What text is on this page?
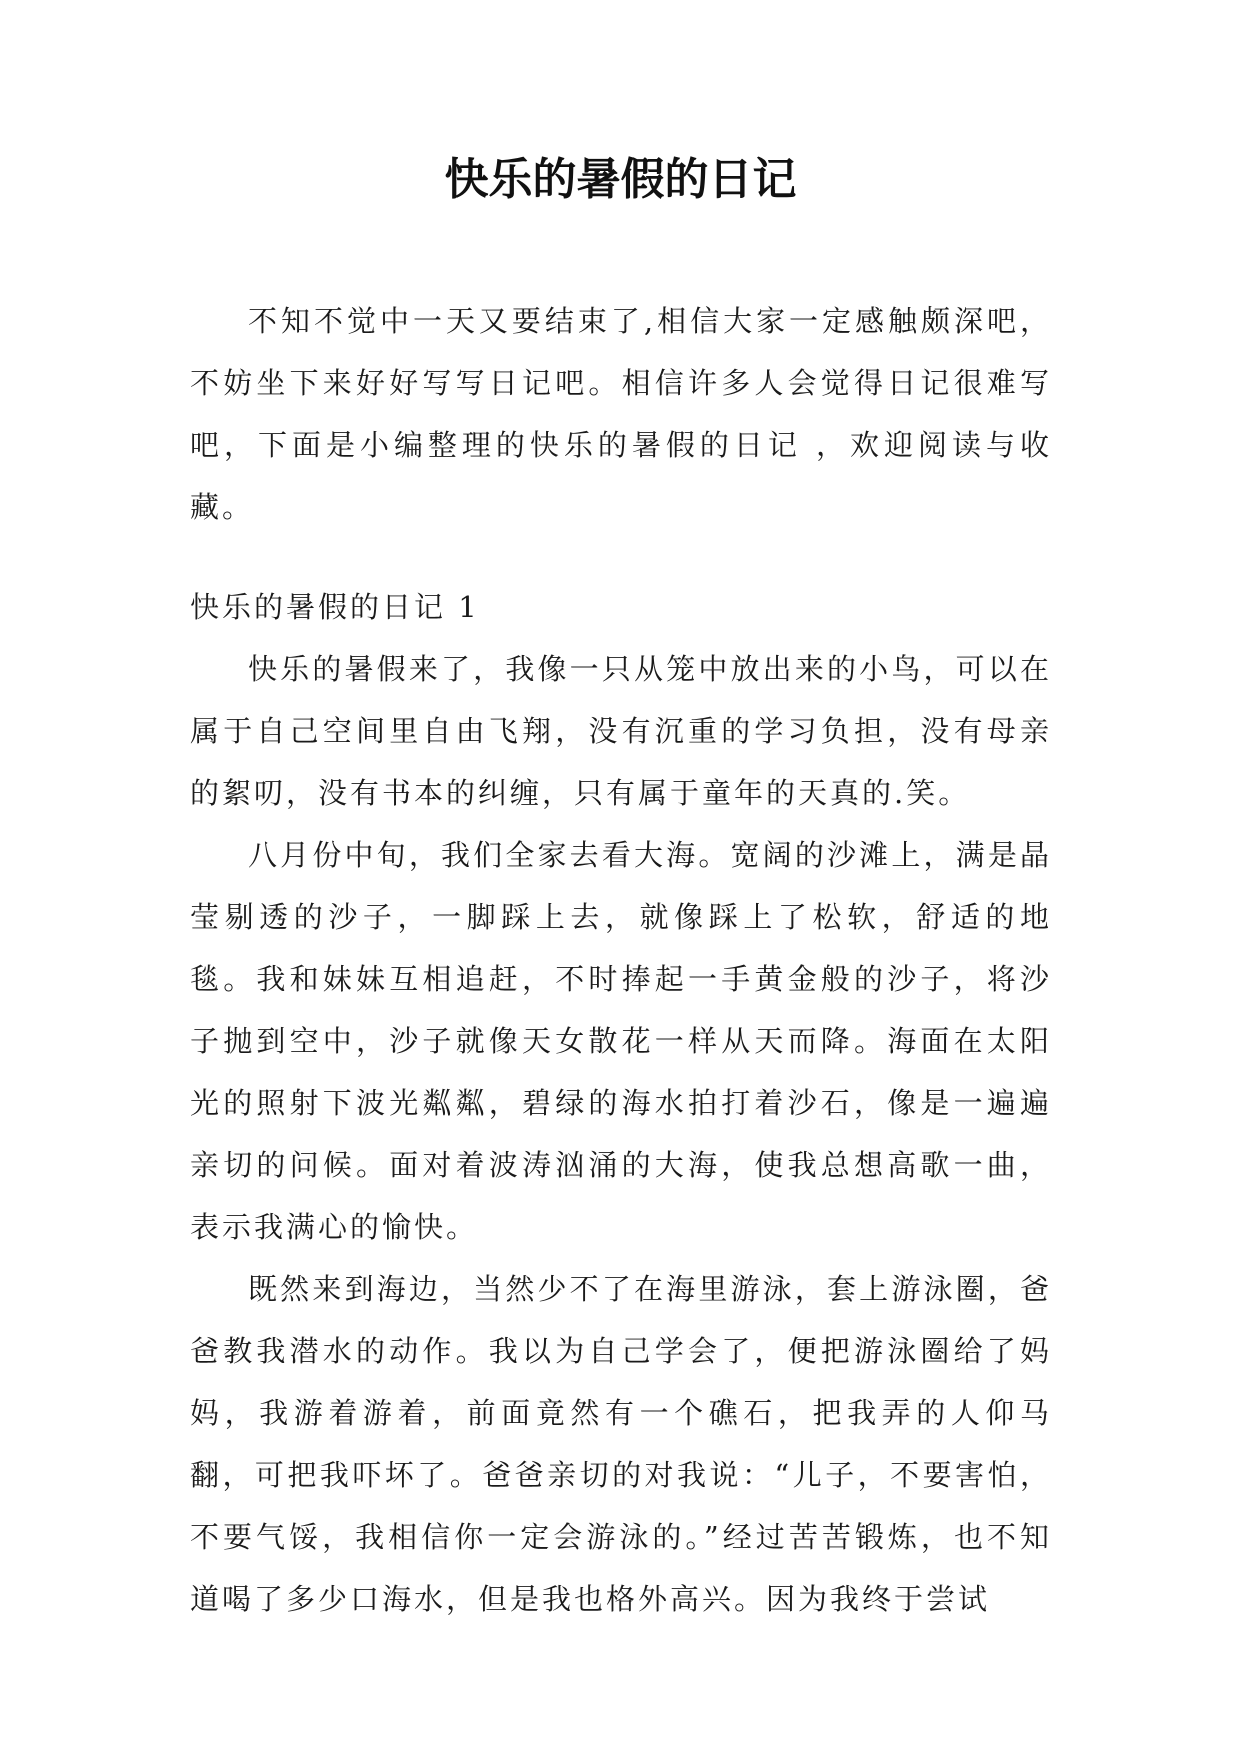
快乐的暑假的日记

不知不觉中一天又要结束了,相信大家一定感触颇深吧，不妨坐下来好好写写日记吧。相信许多人会觉得日记很难写吧，下面是小编整理的快乐的暑假的日记 ，欢迎阅读与收藏。

快乐的暑假的日记 1

快乐的暑假来了，我像一只从笼中放出来的小鸟，可以在属于自己空间里自由飞翔，没有沉重的学习负担，没有母亲的絮叨，没有书本的纠缠，只有属于童年的天真的.笑。

八月份中旬，我们全家去看大海。宽阔的沙滩上，满是晶莹剔透的沙子，一脚踩上去，就像踩上了松软，舒适的地毯。我和妹妹互相追赶，不时捧起一手黄金般的沙子，将沙子抛到空中，沙子就像天女散花一样从天而降。海面在太阳光的照射下波光粼粼，碧绿的海水拍打着沙石，像是一遍遍亲切的问候。面对着波涛汹涌的大海，使我总想高歌一曲，表示我满心的愉快。

既然来到海边，当然少不了在海里游泳，套上游泳圈，爸爸教我潜水的动作。我以为自己学会了，便把游泳圈给了妈妈，我游着游着，前面竟然有一个礁石，把我弄的人仰马翻，可把我吓坏了。爸爸亲切的对我说：“儿子，不要害怕，不要气馁，我相信你一定会游泳的。”经过苦苦锻炼，也不知道喝了多少口海水，但是我也格外高兴。因为我终于尝试
